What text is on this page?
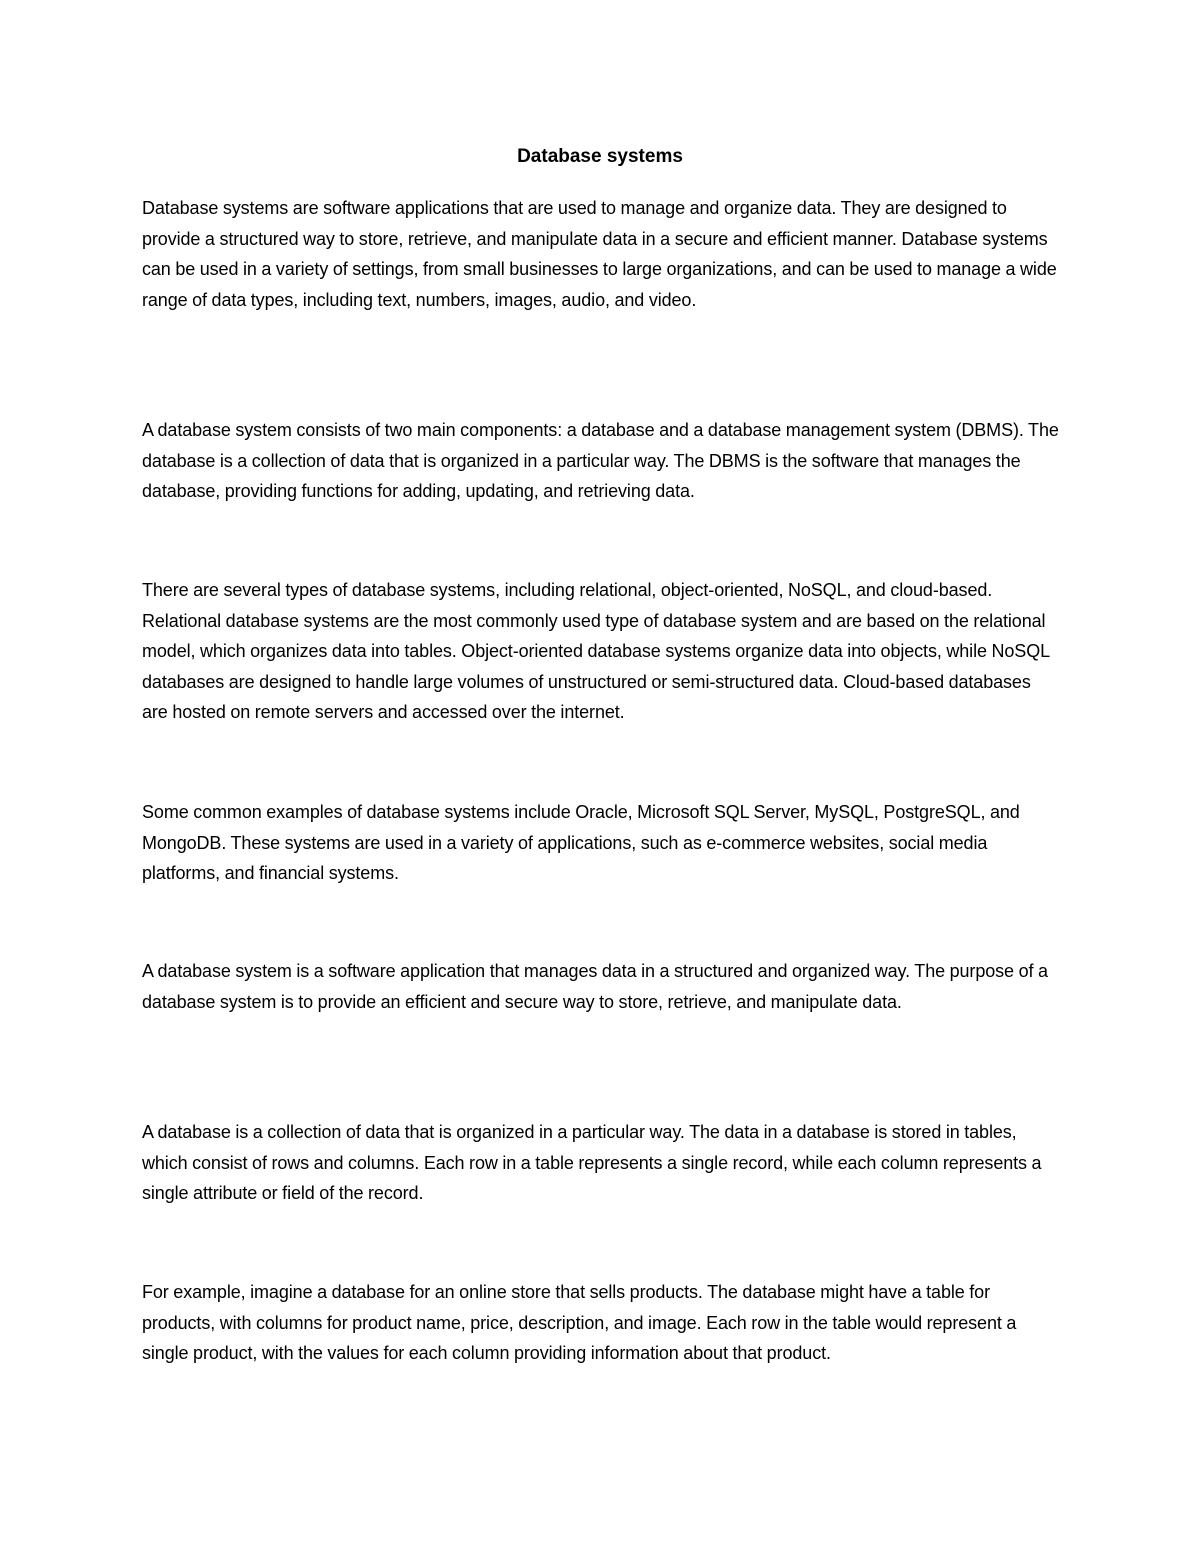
Database systems

Database systems are software applications that are used to manage and organize data. They are designed to provide a structured way to store, retrieve, and manipulate data in a secure and efficient manner. Database systems can be used in a variety of settings, from small businesses to large organizations, and can be used to manage a wide range of data types, including text, numbers, images, audio, and video.

A database system consists of two main components: a database and a database management system (DBMS). The database is a collection of data that is organized in a particular way. The DBMS is the software that manages the database, providing functions for adding, updating, and retrieving data.

There are several types of database systems, including relational, object-oriented, NoSQL, and cloud-based. Relational database systems are the most commonly used type of database system and are based on the relational model, which organizes data into tables. Object-oriented database systems organize data into objects, while NoSQL databases are designed to handle large volumes of unstructured or semi-structured data. Cloud-based databases are hosted on remote servers and accessed over the internet.

Some common examples of database systems include Oracle, Microsoft SQL Server, MySQL, PostgreSQL, and MongoDB. These systems are used in a variety of applications, such as e-commerce websites, social media platforms, and financial systems.

A database system is a software application that manages data in a structured and organized way. The purpose of a database system is to provide an efficient and secure way to store, retrieve, and manipulate data.

A database is a collection of data that is organized in a particular way. The data in a database is stored in tables, which consist of rows and columns. Each row in a table represents a single record, while each column represents a single attribute or field of the record.

For example, imagine a database for an online store that sells products. The database might have a table for products, with columns for product name, price, description, and image. Each row in the table would represent a single product, with the values for each column providing information about that product.
